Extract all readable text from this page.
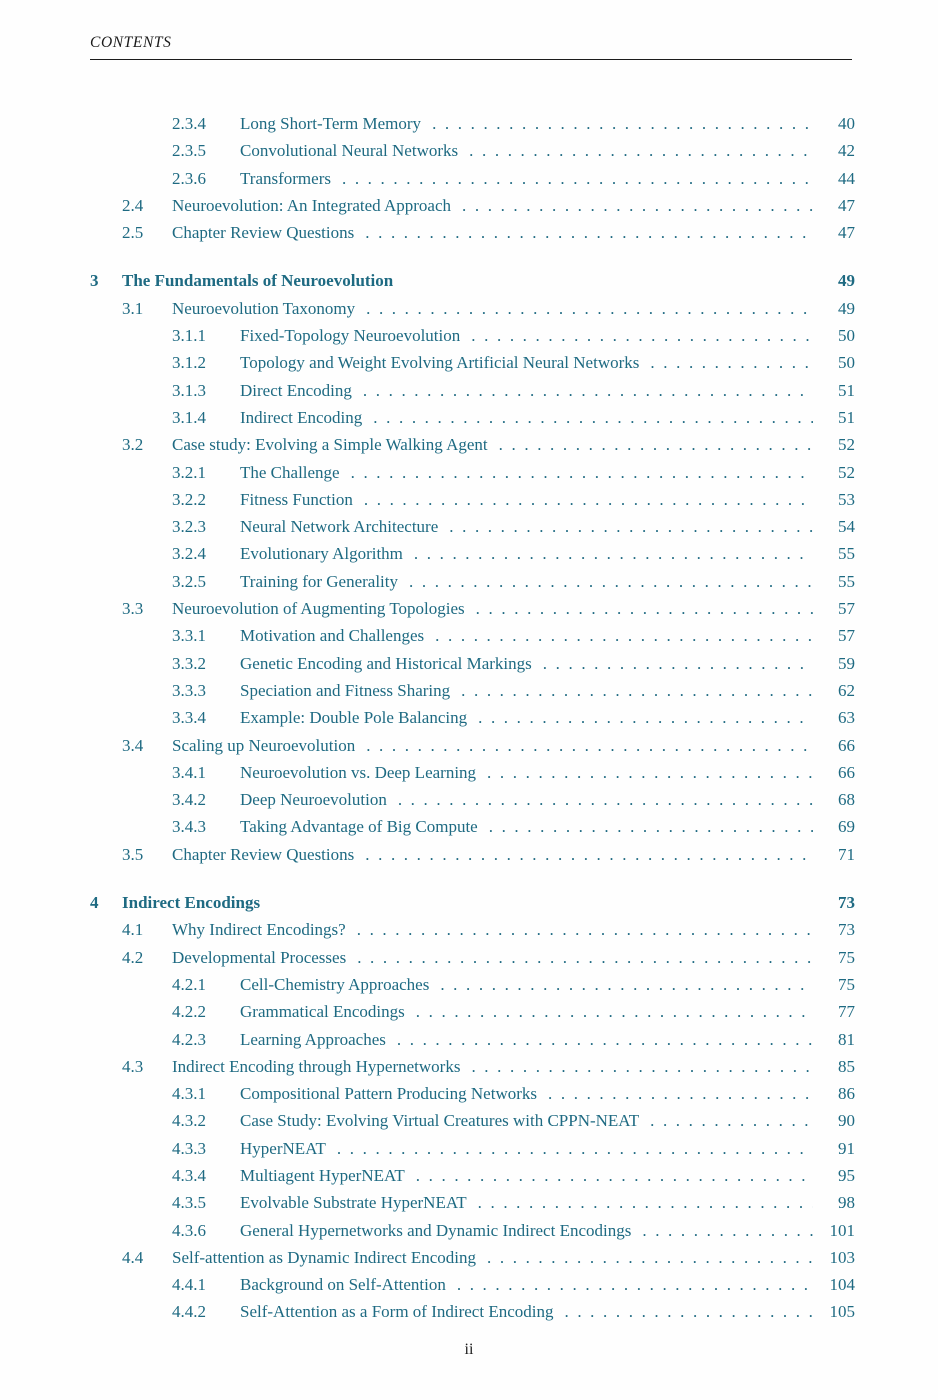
CONTENTS
2.3.4	Long Short-Term Memory .....	40
2.3.5	Convolutional Neural Networks .....	42
2.3.6	Transformers .....	44
2.4	Neuroevolution: An Integrated Approach .....	47
2.5	Chapter Review Questions .....	47
3	The Fundamentals of Neuroevolution	49
3.1	Neuroevolution Taxonomy .....	49
3.1.1	Fixed-Topology Neuroevolution .....	50
3.1.2	Topology and Weight Evolving Artificial Neural Networks .....	50
3.1.3	Direct Encoding .....	51
3.1.4	Indirect Encoding .....	51
3.2	Case study: Evolving a Simple Walking Agent .....	52
3.2.1	The Challenge .....	52
3.2.2	Fitness Function .....	53
3.2.3	Neural Network Architecture .....	54
3.2.4	Evolutionary Algorithm .....	55
3.2.5	Training for Generality .....	55
3.3	Neuroevolution of Augmenting Topologies .....	57
3.3.1	Motivation and Challenges .....	57
3.3.2	Genetic Encoding and Historical Markings .....	59
3.3.3	Speciation and Fitness Sharing .....	62
3.3.4	Example: Double Pole Balancing .....	63
3.4	Scaling up Neuroevolution .....	66
3.4.1	Neuroevolution vs. Deep Learning .....	66
3.4.2	Deep Neuroevolution .....	68
3.4.3	Taking Advantage of Big Compute .....	69
3.5	Chapter Review Questions .....	71
4	Indirect Encodings	73
4.1	Why Indirect Encodings? .....	73
4.2	Developmental Processes .....	75
4.2.1	Cell-Chemistry Approaches .....	75
4.2.2	Grammatical Encodings .....	77
4.2.3	Learning Approaches .....	81
4.3	Indirect Encoding through Hypernetworks .....	85
4.3.1	Compositional Pattern Producing Networks .....	86
4.3.2	Case Study: Evolving Virtual Creatures with CPPN-NEAT .....	90
4.3.3	HyperNEAT .....	91
4.3.4	Multiagent HyperNEAT .....	95
4.3.5	Evolvable Substrate HyperNEAT .....	98
4.3.6	General Hypernetworks and Dynamic Indirect Encodings .....	101
4.4	Self-attention as Dynamic Indirect Encoding .....	103
4.4.1	Background on Self-Attention .....	104
4.4.2	Self-Attention as a Form of Indirect Encoding .....	105
ii
